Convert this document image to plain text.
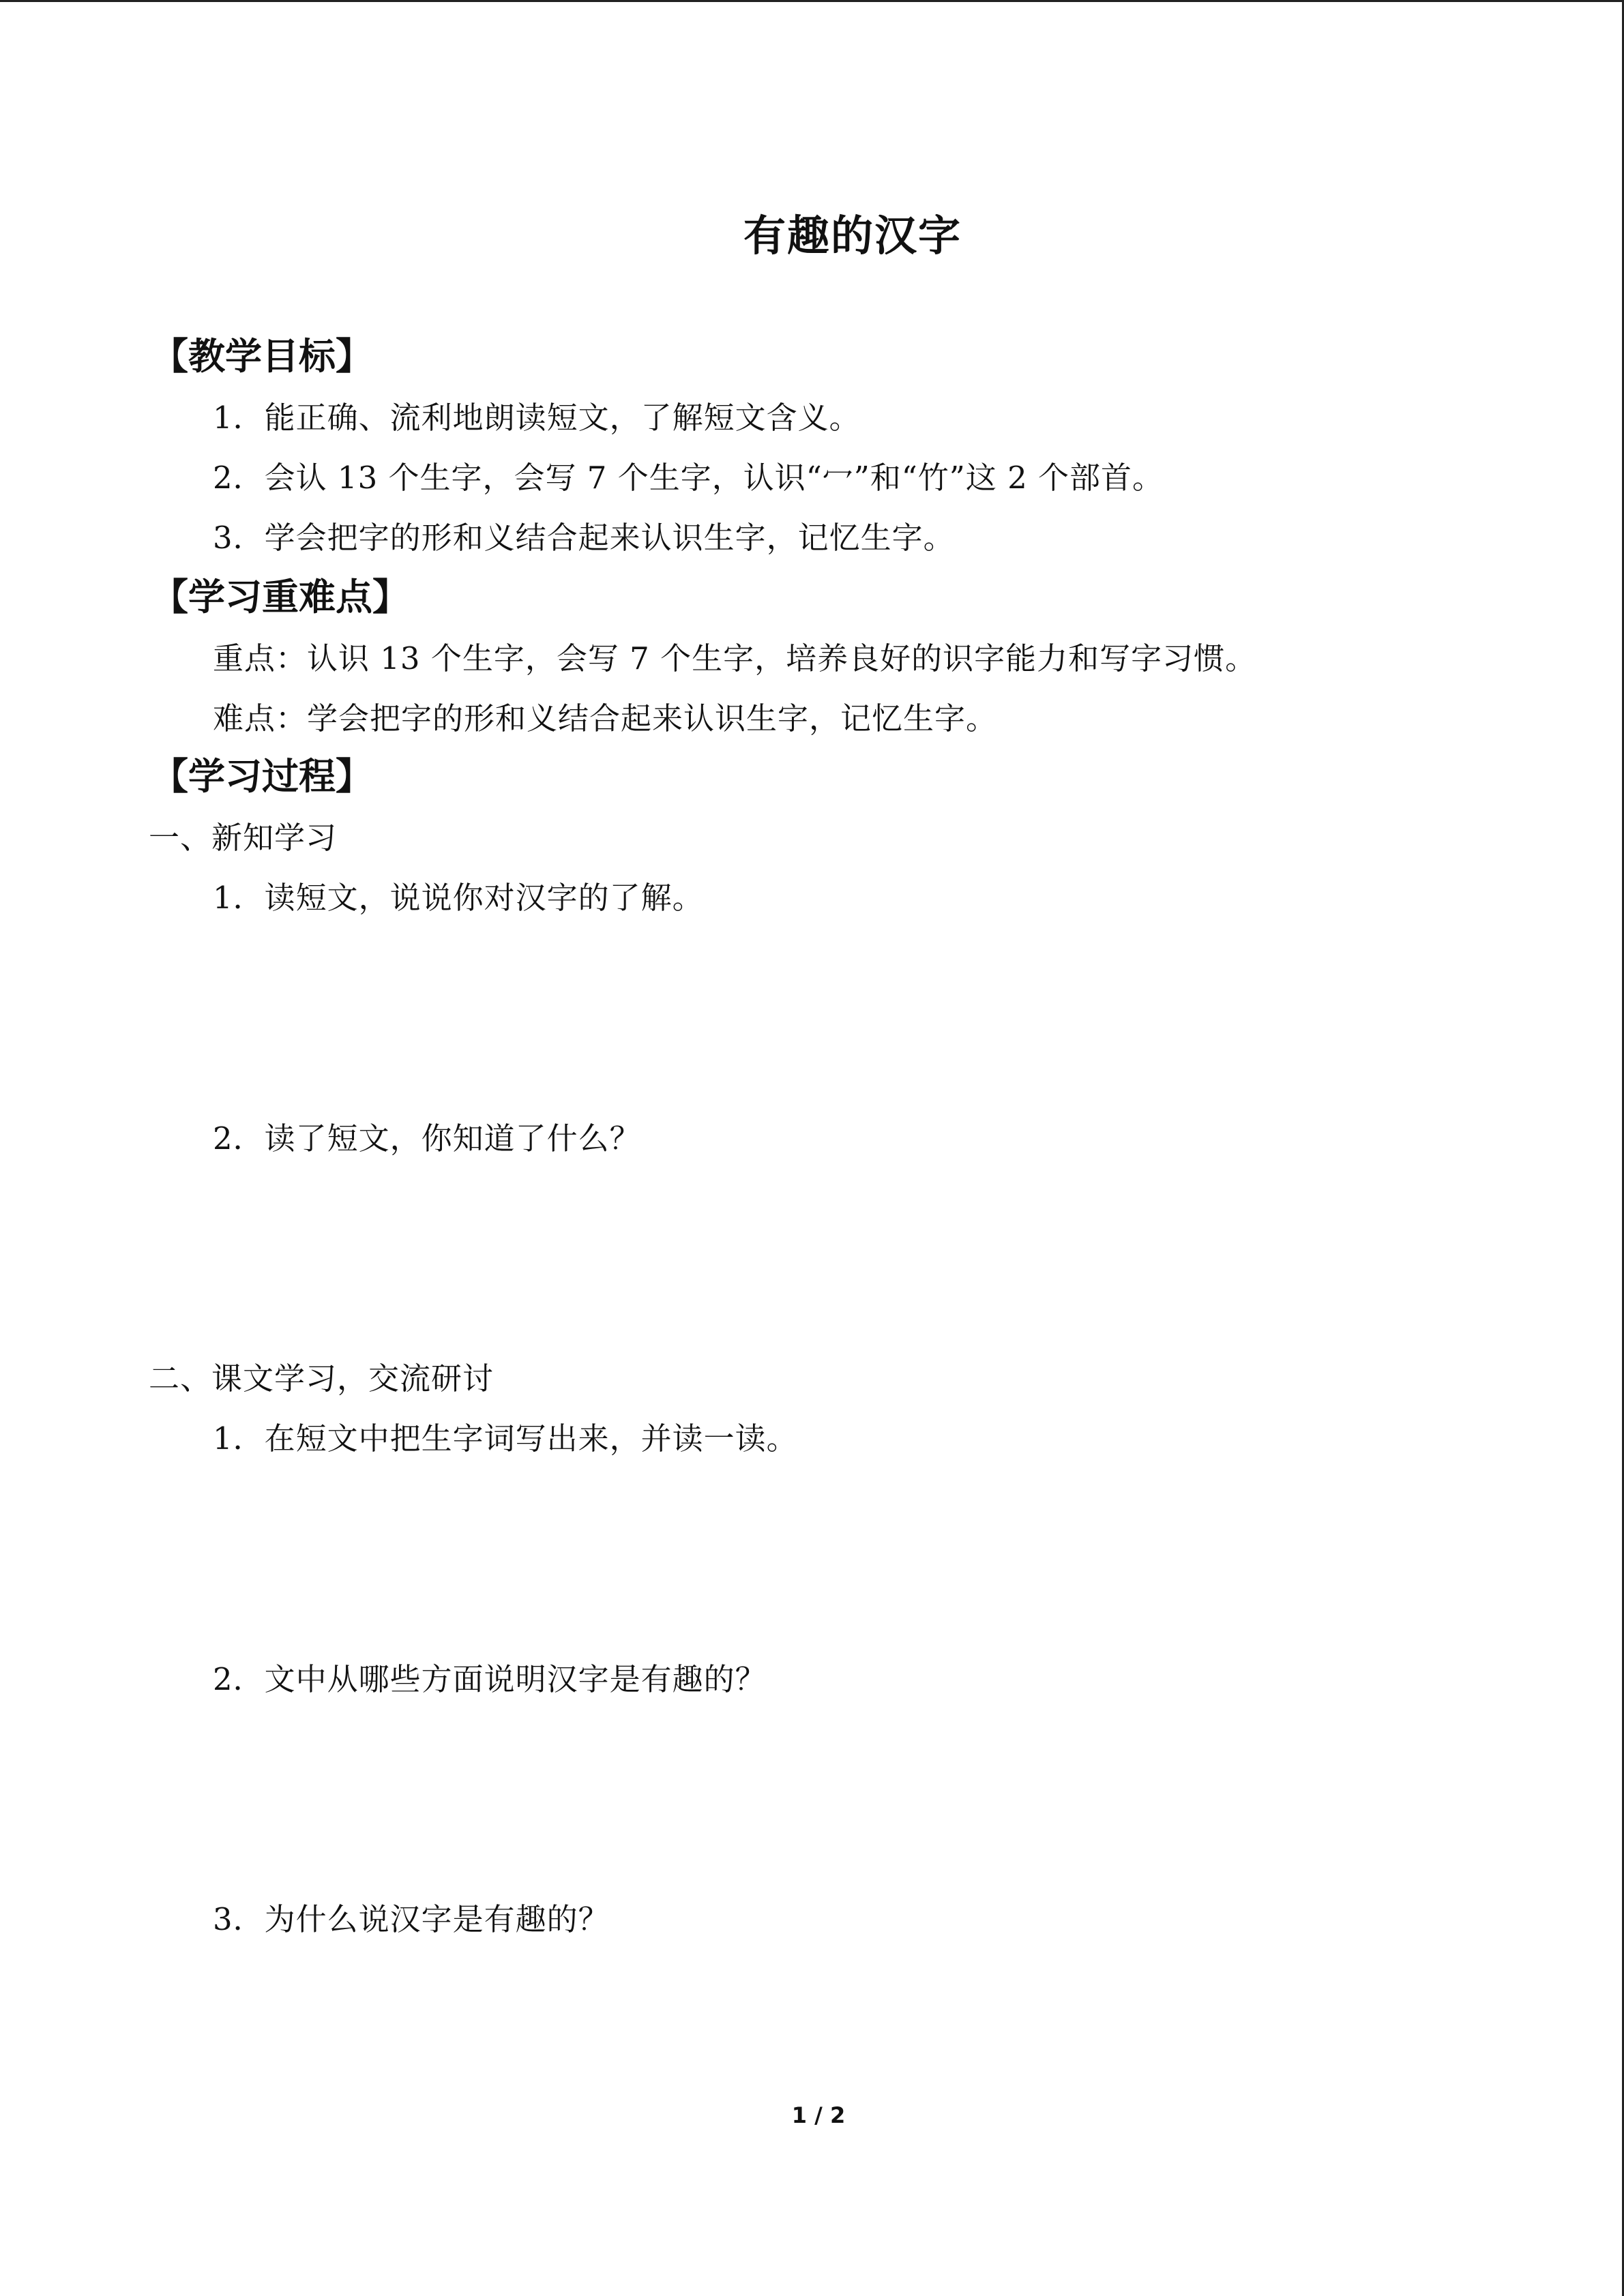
有趣的汉字
【教学目标】
1．能正确、流利地朗读短文，了解短文含义。
2．会认 13 个生字，会写 7 个生字，认识“冖”和“竹”这 2 个部首。
3．学会把字的形和义结合起来认识生字，记忆生字。
【学习重难点】
重点：认识 13 个生字，会写 7 个生字，培养良好的识字能力和写字习惯。
难点：学会把字的形和义结合起来认识生字，记忆生字。
【学习过程】
一、新知学习
1．读短文，说说你对汉字的了解。
2．读了短文，你知道了什么？
二、课文学习，交流研讨
1．在短文中把生字词写出来，并读一读。
2．文中从哪些方面说明汉字是有趣的？
3．为什么说汉字是有趣的？
1 / 2
